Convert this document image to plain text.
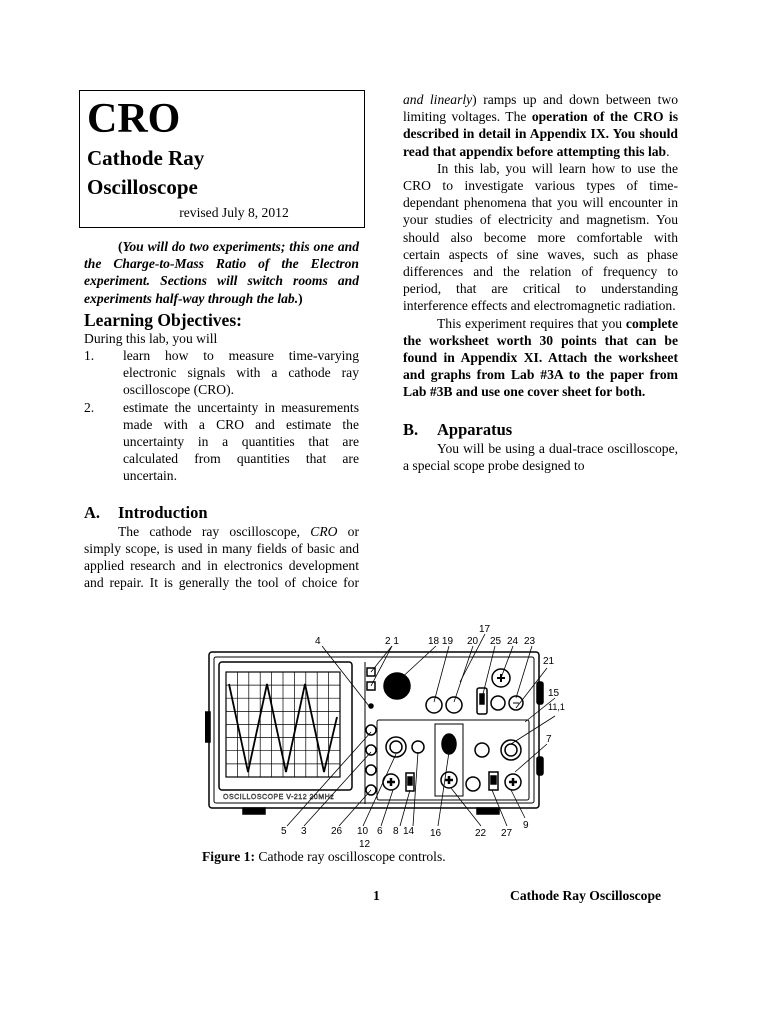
CRO
Cathode Ray
Oscilloscope
revised July 8, 2012
(You will do two experiments; this one and the Charge-to-Mass Ratio of the Electron experiment. Sections will switch rooms and experiments half-way through the lab.)
Learning Objectives:
During this lab, you will
1. learn how to measure time-varying electronic signals with a cathode ray oscilloscope (CRO).
2. estimate the uncertainty in measurements made with a CRO and estimate the uncertainty in a quantities that are calculated from quantities that are uncertain.
A. Introduction
The cathode ray oscilloscope, CRO or simply scope, is used in many fields of basic and applied research and in electronics development and repair. It is generally the tool of choice for
and linearly) ramps up and down between two limiting voltages. The operation of the CRO is described in detail in Appendix IX. You should read that appendix before attempting this lab.
In this lab, you will learn how to use the CRO to investigate various types of time-dependant phenomena that you will encounter in your studies of electricity and magnetism. You should also become more comfortable with certain aspects of sine waves, such as phase differences and the relation of frequency to period, that are critical to understanding interference effects and electromagnetic radiation.
This experiment requires that you complete the worksheet worth 30 points that can be found in Appendix XI. Attach the worksheet and graphs from Lab #3A to the paper from Lab #3B and use one cover sheet for both.
B. Apparatus
You will be using a dual-trace oscilloscope, a special scope probe designed to
OSCILLOSCOPE V-212 20MHz
4	2 1	18 19
17
20 25 24 23
21
15
11,1
7
9
27
22
16
14
8
6
10
12
26
3
5
Figure 1: Cathode ray oscilloscope controls.
1	Cathode Ray Oscilloscope
